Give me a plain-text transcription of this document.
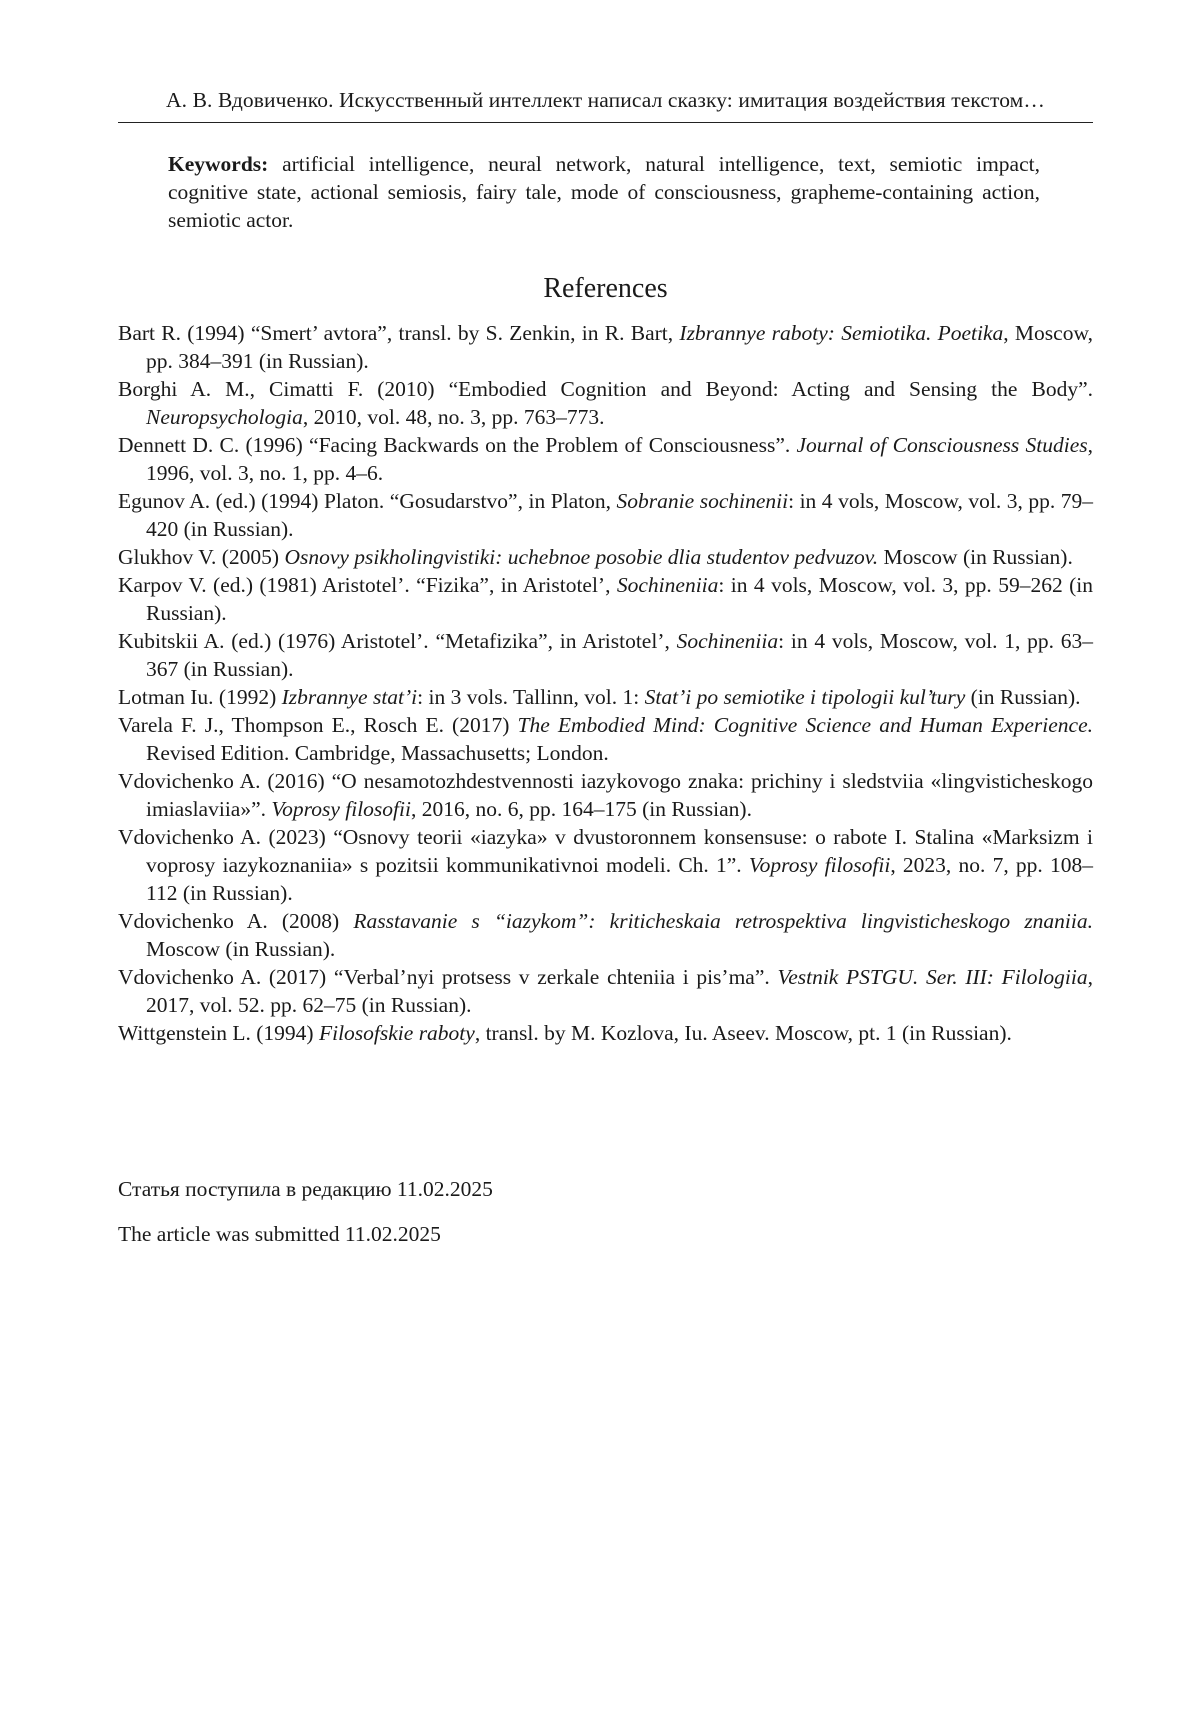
А. В. Вдовиченко. Искусственный интеллект написал сказку: имитация воздействия текстом…
Keywords: artificial intelligence, neural network, natural intelligence, text, semiotic impact, cognitive state, actional semiosis, fairy tale, mode of consciousness, grapheme-containing action, semiotic actor.
References
Bart R. (1994) “Smert’ avtora”, transl. by S. Zenkin, in R. Bart, Izbrannye raboty: Semiotika. Poetika, Moscow, pp. 384–391 (in Russian).
Borghi A. M., Cimatti F. (2010) “Embodied Cognition and Beyond: Acting and Sensing the Body”. Neuropsychologia, 2010, vol. 48, no. 3, pp. 763–773.
Dennett D. C. (1996) “Facing Backwards on the Problem of Consciousness”. Journal of Consciousness Studies, 1996, vol. 3, no. 1, pp. 4–6.
Egunov A. (ed.) (1994) Platon. “Gosudarstvo”, in Platon, Sobranie sochinenii: in 4 vols, Moscow, vol. 3, pp. 79–420 (in Russian).
Glukhov V. (2005) Osnovy psikholingvistiki: uchebnoe posobie dlia studentov pedvuzov. Moscow (in Russian).
Karpov V. (ed.) (1981) Aristotel’. “Fizika”, in Aristotel’, Sochineniia: in 4 vols, Moscow, vol. 3, pp. 59–262 (in Russian).
Kubitskii A. (ed.) (1976) Aristotel’. “Metafizika”, in Aristotel’, Sochineniia: in 4 vols, Moscow, vol. 1, pp. 63–367 (in Russian).
Lotman Iu. (1992) Izbrannye stat’i: in 3 vols. Tallinn, vol. 1: Stat’i po semiotike i tipologii kul’tury (in Russian).
Varela F. J., Thompson E., Rosch E. (2017) The Embodied Mind: Cognitive Science and Human Experience. Revised Edition. Cambridge, Massachusetts; London.
Vdovichenko A. (2016) “O nesamotozhdestvennosti iazykovogo znaka: prichiny i sledstviia «lingvisticheskogo imiaslaviia»”. Voprosy filosofii, 2016, no. 6, pp. 164–175 (in Russian).
Vdovichenko A. (2023) “Osnovy teorii «iazyka» v dvustoronnem konsensuse: o rabote I. Stalina «Marksizm i voprosy iazykoznaniia» s pozitsii kommunikativnoi modeli. Ch. 1”. Voprosy filosofii, 2023, no. 7, pp. 108–112 (in Russian).
Vdovichenko A. (2008) Rasstavanie s “iazykom”: kriticheskaia retrospektiva lingvisticheskogo znaniia. Moscow (in Russian).
Vdovichenko A. (2017) “Verbal’nyi protsess v zerkale chteniia i pis’ma”. Vestnik PSTGU. Ser. III: Filologiia, 2017, vol. 52. pp. 62–75 (in Russian).
Wittgenstein L. (1994) Filosofskie raboty, transl. by M. Kozlova, Iu. Aseev. Moscow, pt. 1 (in Russian).
Статья поступила в редакцию 11.02.2025
The article was submitted 11.02.2025
